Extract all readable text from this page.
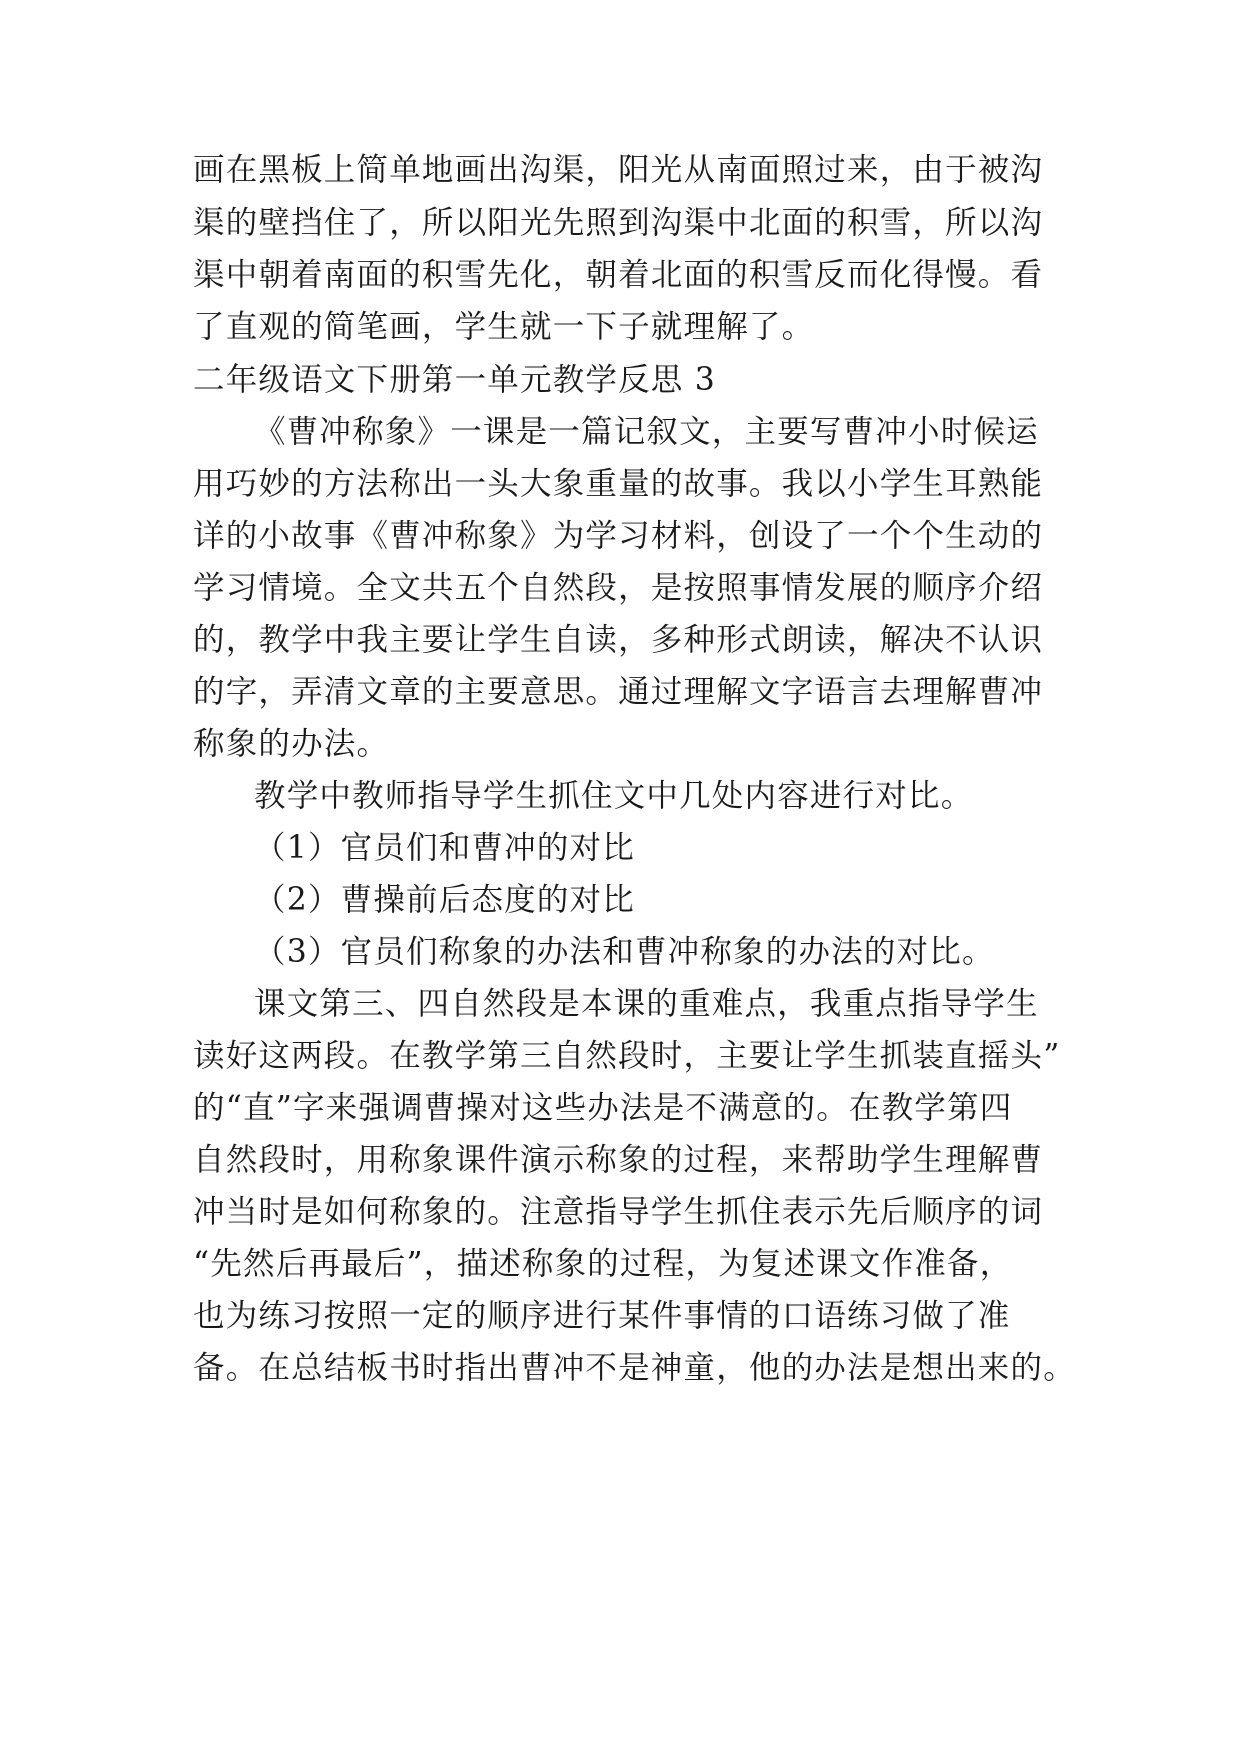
画在黑板上简单地画出沟渠，阳光从南面照过来，由于被沟
渠的壁挡住了，所以阳光先照到沟渠中北面的积雪，所以沟
渠中朝着南面的积雪先化，朝着北面的积雪反而化得慢。看
了直观的简笔画，学生就一下子就理解了。
二年级语文下册第一单元教学反思 3
《曹冲称象》一课是一篇记叙文，主要写曹冲小时候运
用巧妙的方法称出一头大象重量的故事。我以小学生耳熟能
详的小故事《曹冲称象》为学习材料，创设了一个个生动的
学习情境。全文共五个自然段，是按照事情发展的顺序介绍
的，教学中我主要让学生自读，多种形式朗读，解决不认识
的字，弄清文章的主要意思。通过理解文字语言去理解曹冲
称象的办法。
教学中教师指导学生抓住文中几处内容进行对比。
（1）官员们和曹冲的对比
（2）曹操前后态度的对比
（3）官员们称象的办法和曹冲称象的办法的对比。
课文第三、四自然段是本课的重难点，我重点指导学生
读好这两段。在教学第三自然段时，主要让学生抓装直摇头”
的“直”字来强调曹操对这些办法是不满意的。在教学第四
自然段时，用称象课件演示称象的过程，来帮助学生理解曹
冲当时是如何称象的。注意指导学生抓住表示先后顺序的词
“先然后再最后”，描述称象的过程，为复述课文作准备，
也为练习按照一定的顺序进行某件事情的口语练习做了准
备。在总结板书时指出曹冲不是神童，他的办法是想出来的。
